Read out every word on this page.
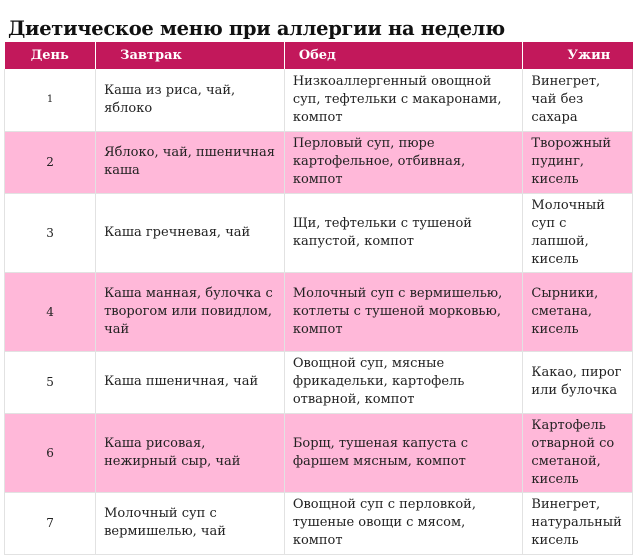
Диетическое меню при аллергии на неделю
День	Завтрак	Обед	Ужин
1	Каша из риса, чай, яблоко	Низкоаллергенный овощной суп, тефтельки с макаронами, компот	Винегрет, чай без сахара
2	Яблоко, чай, пшеничная каша	Перловый суп, пюре картофельное, отбивная, компот	Творожный пудинг, кисель
3	Каша гречневая, чай	Щи, тефтельки с тушеной капустой, компот	Молочный суп с лапшой, кисель
4	Каша манная, булочка с творогом или повидлом, чай	Молочный суп с вермишелью, котлеты с тушеной морковью, компот	Сырники, сметана, кисель
5	Каша пшеничная, чай	Овощной суп, мясные фрикадельки, картофель отварной, компот	Какао, пирог или булочка
6	Каша рисовая, нежирный сыр, чай	Борщ, тушеная капуста с фаршем мясным, компот	Картофель отварной со сметаной, кисель
7	Молочный суп с вермишелью, чай	Овощной суп с перловкой, тушеные овощи с мясом, компот	Винегрет, натуральный кисель
